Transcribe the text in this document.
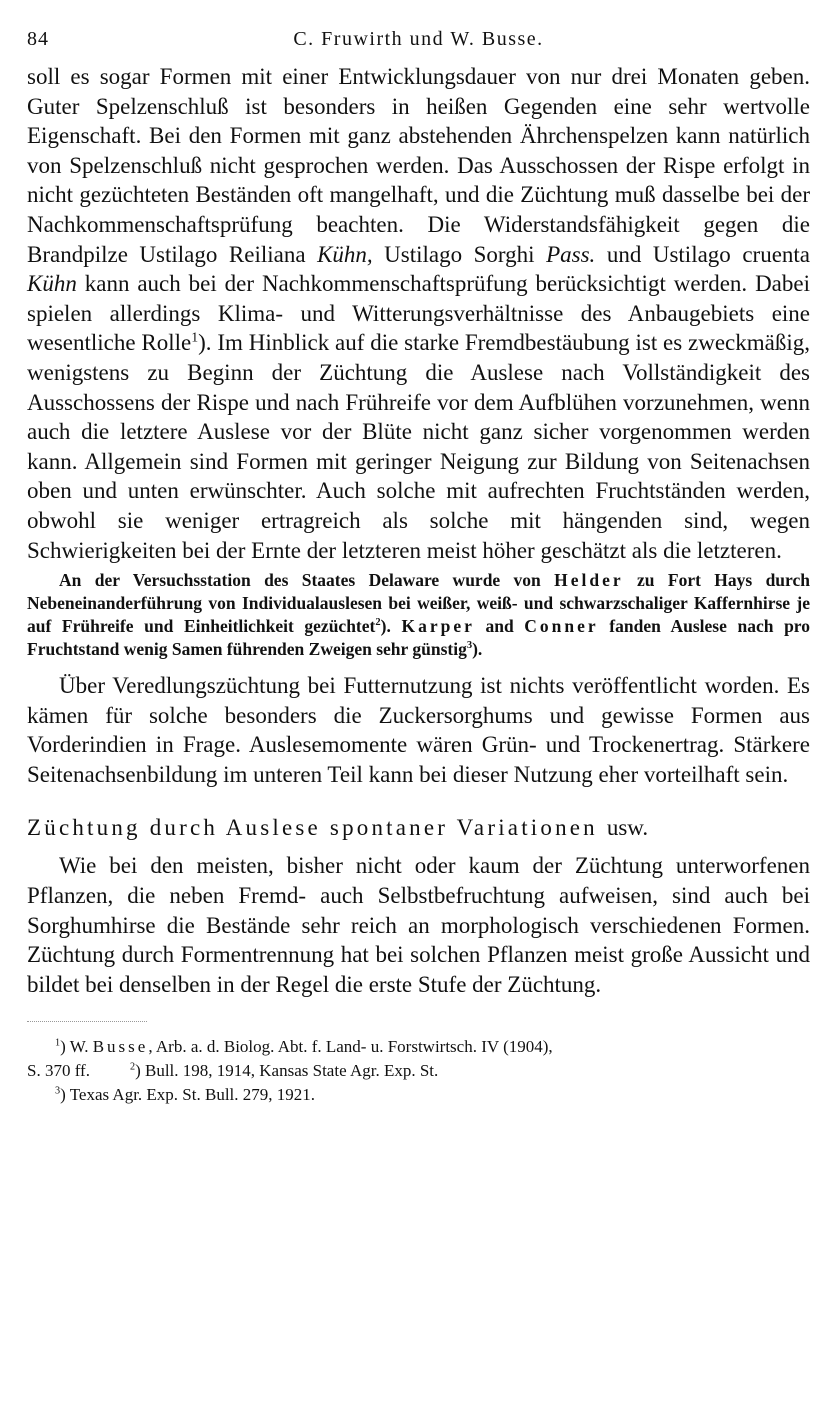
84	C. Fruwirth und W. Busse.

soll es sogar Formen mit einer Entwicklungsdauer von nur drei Monaten geben. Guter Spelzenschluß ist besonders in heißen Gegenden eine sehr wertvolle Eigenschaft. Bei den Formen mit ganz abstehenden Ährchenspelzen kann natürlich von Spelzenschluß nicht gesprochen werden. Das Ausschossen der Rispe erfolgt in nicht gezüchteten Beständen oft mangelhaft, und die Züchtung muß dasselbe bei der Nachkommenschaftsprüfung beachten. Die Widerstandsfähigkeit gegen die Brandpilze Ustilago Reiliana Kühn, Ustilago Sorghi Pass. und Ustilago cruenta Kühn kann auch bei der Nachkommenschaftsprüfung berücksichtigt werden. Dabei spielen allerdings Klima- und Witterungsverhältnisse des Anbaugebiets eine wesentliche Rolle$^1$). Im Hinblick auf die starke Fremdbestäubung ist es zweckmäßig, wenigstens zu Beginn der Züchtung die Auslese nach Vollständigkeit des Ausschossens der Rispe und nach Frühreife vor dem Aufblühen vorzunehmen, wenn auch die letztere Auslese vor der Blüte nicht ganz sicher vorgenommen werden kann. Allgemein sind Formen mit geringer Neigung zur Bildung von Seitenachsen oben und unten erwünschter. Auch solche mit aufrechten Fruchtständen werden, obwohl sie weniger ertragreich als solche mit hängenden sind, wegen Schwierigkeiten bei der Ernte der letzteren meist höher geschätzt als die letzteren.

An der Versuchsstation des Staates Delaware wurde von Helder zu Fort Hays durch Nebeneinanderführung von Individualauslesen bei weißer, weiß- und schwarzschaliger Kaffernhirse je auf Frühreife und Einheitlichkeit gezüchtet$^2$). Karper and Conner fanden Auslese nach pro Fruchtstand wenig Samen führenden Zweigen sehr günstig$^3$).

Über Veredlungszüchtung bei Futternutzung ist nichts veröffentlicht worden. Es kämen für solche besonders die Zuckersorghums und gewisse Formen aus Vorderindien in Frage. Auslesemomente wären Grün- und Trockenertrag. Stärkere Seitenachsenbildung im unteren Teil kann bei dieser Nutzung eher vorteilhaft sein.

Züchtung durch Auslese spontaner Variationen usw.

Wie bei den meisten, bisher nicht oder kaum der Züchtung unterworfenen Pflanzen, die neben Fremd- auch Selbstbefruchtung aufweisen, sind auch bei Sorghumhirse die Bestände sehr reich an morphologisch verschiedenen Formen. Züchtung durch Formentrennung hat bei solchen Pflanzen meist große Aussicht und bildet bei denselben in der Regel die erste Stufe der Züchtung.

$^1$) W. Busse, Arb. a. d. Biolog. Abt. f. Land- u. Forstwirtsch. IV (1904),

S. 370 ff.	$^2$) Bull. 198, 1914, Kansas State Agr. Exp. St.

$^3$) Texas Agr. Exp. St. Bull. 279, 1921.
